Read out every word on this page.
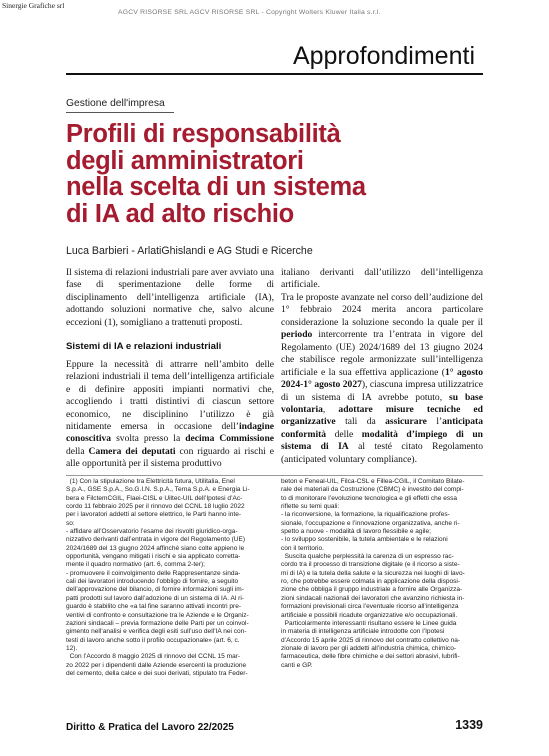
Sinergie Grafiche srl
AGCV RISORSE SRL AGCV RISORSE SRL - Copyright Wolters Kluwer Italia s.r.l.
Approfondimenti
Gestione dell'impresa
Profili di responsabilità
degli amministratori
nella scelta di un sistema
di IA ad alto rischio
Luca Barbieri - ArlatiGhislandi e AG Studi e Ricerche

Il sistema di relazioni industriali pare aver avviato una fase di sperimentazione delle forme di disciplinamento dell’intelligenza artificiale (IA), adottando soluzioni normative che, salvo alcune eccezioni (1), somigliano a trattenuti proposti.

Sistemi di IA e relazioni industriali

Eppure la necessità di attrarre nell’ambito delle relazioni industriali il tema dell’intelligenza artificiale e di definire appositi impianti normativi che, accogliendo i tratti distintivi di ciascun settore economico, ne disciplinino l’utilizzo è già nitidamente emersa in occasione dell’indagine conoscitiva svolta presso la decima Commissione della Camera dei deputati con riguardo ai rischi e alle opportunità per il sistema produttivo

italiano derivanti dall’utilizzo dell’intelligenza artificiale.

Tra le proposte avanzate nel corso dell’audizione del 1° febbraio 2024 merita ancora particolare considerazione la soluzione secondo la quale per il periodo intercorrente tra l’entrata in vigore del Regolamento (UE) 2024/1689 del 13 giugno 2024 che stabilisce regole armonizzate sull’intelligenza artificiale e la sua effettiva applicazione (1° agosto 2024-1° agosto 2027), ciascuna impresa utilizzatrice di un sistema di IA avrebbe potuto, su base volontaria, adottare misure tecniche ed organizzative tali da assicurare l’anticipata conformità delle modalità d’impiego di un sistema di IA al testé citato Regolamento (anticipated voluntary compliance).

(1) Con la stipulazione tra Elettricità futura, Utilitalia, Enel
S.p.A., GSE S.p.A., So.G.I.N. S.p.A., Terna S.p.A. e Energia Li-
bera e FilctemCGIL, Flaei-CISL e Uiltec-UIL dell’Ipotesi d’Ac-
cordo 11 febbraio 2025 per il rinnovo del CCNL 18 luglio 2022
per i lavoratori addetti al settore elettrico, le Parti hanno inte-
so:
- affidare all’Osservatorio l’esame dei risvolti giuridico-orga-
nizzativo derivanti dall’entrata in vigore del Regolamento (UE)
2024/1689 del 13 giugno 2024 affinché siano colte appieno le
opportunità, vengano mitigati i rischi e sia applicato corretta-
mente il quadro normativo (art. 6, comma 2-ter);
- promuovere il coinvolgimento delle Rappresentanze sinda-
cali dei lavoratori introducendo l’obbligo di fornire, a seguito
dell’approvazione del bilancio, di fornire informazioni sugli im-
patti prodotti sul lavoro dall’adozione di un sistema di IA. Al ri-
guardo è stabilito che «a tal fine saranno attivati incontri pre-
ventivi di confronto e consultazione tra le Aziende e le Organiz-
zazioni sindacali – previa formazione delle Parti per un coinvol-
gimento nell’analisi e verifica degli esiti sull’uso dell’IA nei con-
testi di lavoro anche sotto il profilo occupazionale» (art. 6, c.
12).
Con l’Accordo 8 maggio 2025 di rinnovo del CCNL 15 mar-
zo 2022 per i dipendenti dalle Aziende esercenti la produzione
del cemento, della calce e dei suoi derivati, stipulato tra Feder-
beton e Feneal-UIL, Filca-CSL e Fillea-CGIL, il Comitato Bilate-
rale dei materiali da Costruzione (CBMC) è investito del compi-
to di monitorare l’evoluzione tecnologica e gli effetti che essa
riflette su temi quali:
- la riconversione, la formazione, la riqualificazione profes-
sionale, l’occupazione e l’innovazione organizzativa, anche ri-
spetto a nuove - modalità di lavoro flessibile e agile;
- lo sviluppo sostenibile, la tutela ambientale e le relazioni
con il territorio.
Suscita qualche perplessità la carenza di un espresso rac-
cordo tra il processo di transizione digitale (e il ricorso a siste-
mi di IA) e la tutela della salute e la sicurezza nei luoghi di lavo-
ro, che potrebbe essere colmata in applicazione della disposi-
zione che obbliga il gruppo industriale a fornire alle Organizza-
zioni sindacali nazionali dei lavoratori che avanzino richiesta in-
formazioni previsionali circa l’eventuale ricorso all’intelligenza
artificiale e possibili ricadute organizzative e/o occupazionali.
Particolarmente interessanti risultano essere le Linee guida
in materia di intelligenza artificiale introdotte con l’Ipotesi
d’Accordo 15 aprile 2025 di rinnovo del contratto collettivo na-
zionale di lavoro per gli addetti all’industria chimica, chimico-
farmaceutica, delle fibre chimiche e dei settori abrasivi, lubrifi-
canti e GP.
Diritto & Pratica del Lavoro 22/2025	1339
